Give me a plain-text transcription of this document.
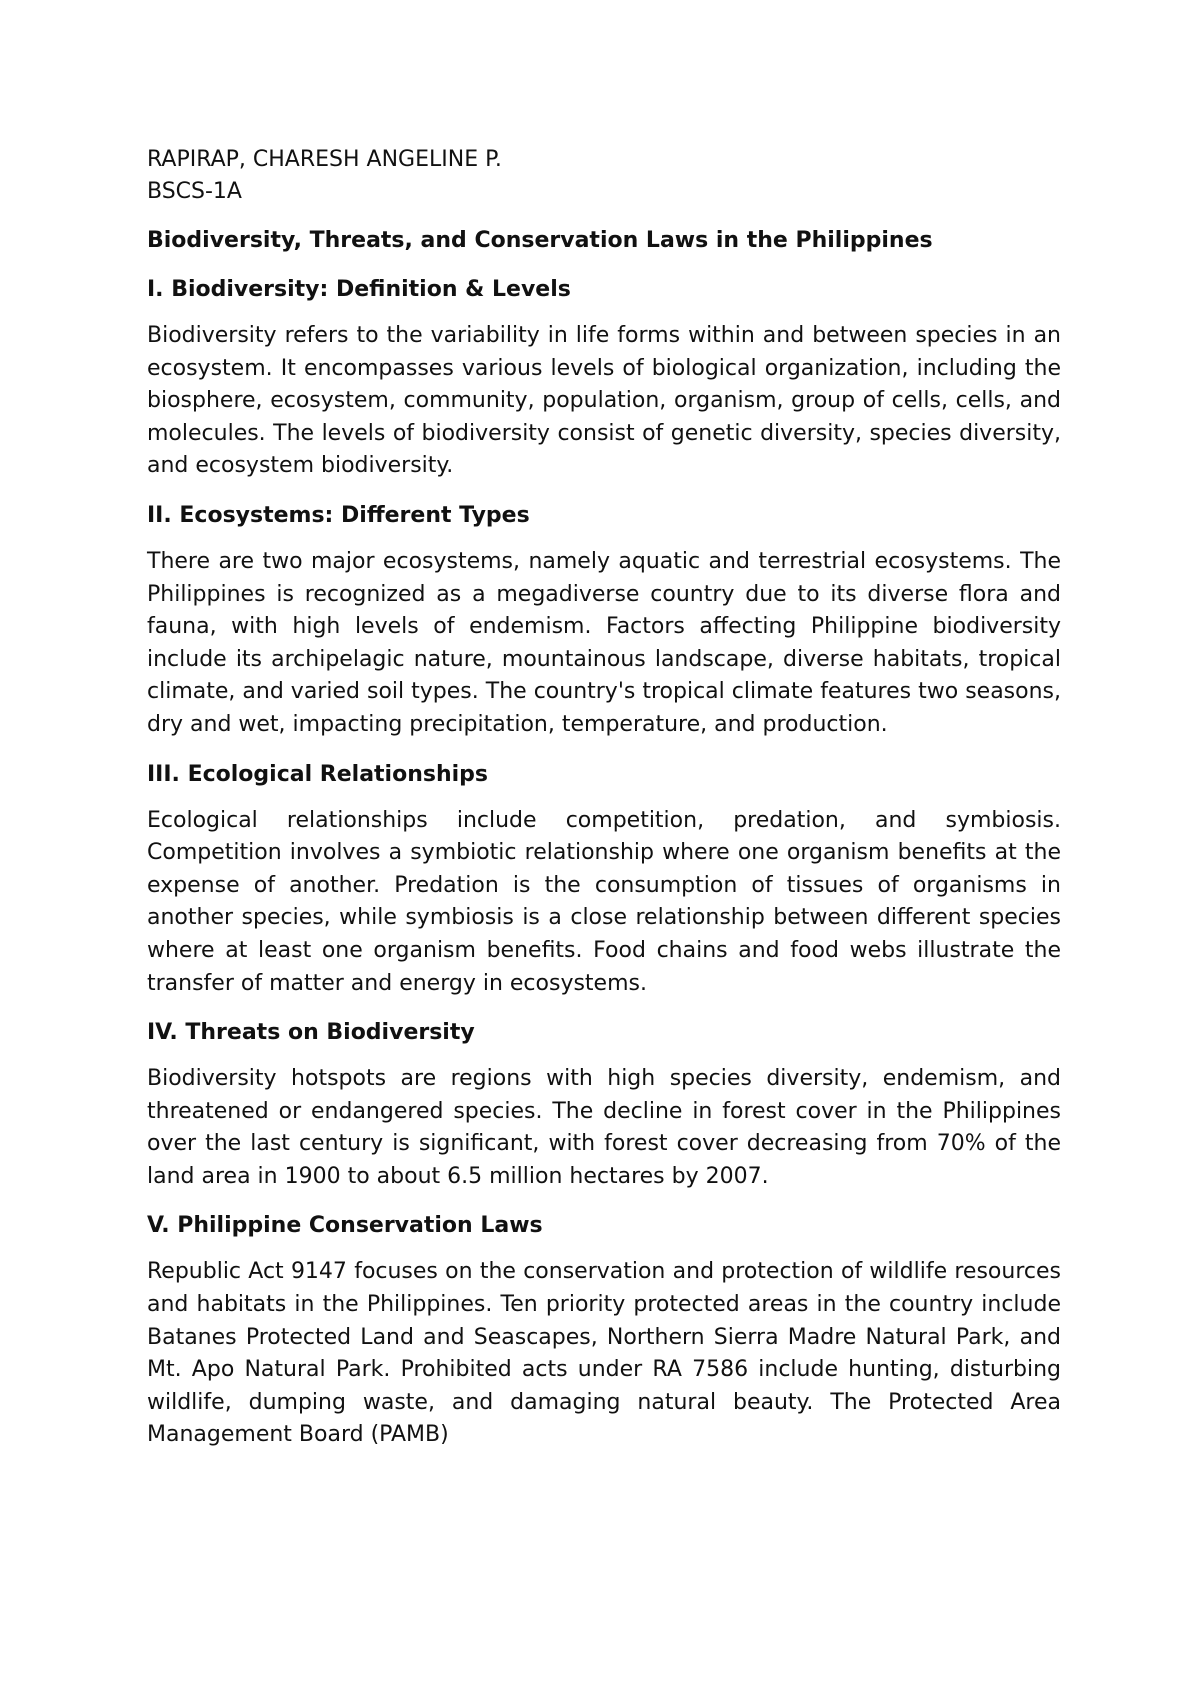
RAPIRAP, CHARESH ANGELINE P.

BSCS-1A

Biodiversity, Threats, and Conservation Laws in the Philippines

I. Biodiversity: Definition & Levels

Biodiversity refers to the variability in life forms within and between species in an ecosystem. It encompasses various levels of biological organization, including the biosphere, ecosystem, community, population, organism, group of cells, cells, and molecules. The levels of biodiversity consist of genetic diversity, species diversity, and ecosystem biodiversity.

II. Ecosystems: Different Types

There are two major ecosystems, namely aquatic and terrestrial ecosystems. The Philippines is recognized as a megadiverse country due to its diverse flora and fauna, with high levels of endemism. Factors affecting Philippine biodiversity include its archipelagic nature, mountainous landscape, diverse habitats, tropical climate, and varied soil types. The country's tropical climate features two seasons, dry and wet, impacting precipitation, temperature, and production.

III. Ecological Relationships

Ecological relationships include competition, predation, and symbiosis. Competition involves a symbiotic relationship where one organism benefits at the expense of another. Predation is the consumption of tissues of organisms in another species, while symbiosis is a close relationship between different species where at least one organism benefits. Food chains and food webs illustrate the transfer of matter and energy in ecosystems.

IV. Threats on Biodiversity

Biodiversity hotspots are regions with high species diversity, endemism, and threatened or endangered species. The decline in forest cover in the Philippines over the last century is significant, with forest cover decreasing from 70% of the land area in 1900 to about 6.5 million hectares by 2007.

V. Philippine Conservation Laws

Republic Act 9147 focuses on the conservation and protection of wildlife resources and habitats in the Philippines. Ten priority protected areas in the country include Batanes Protected Land and Seascapes, Northern Sierra Madre Natural Park, and Mt. Apo Natural Park. Prohibited acts under RA 7586 include hunting, disturbing wildlife, dumping waste, and damaging natural beauty. The Protected Area Management Board (PAMB)
